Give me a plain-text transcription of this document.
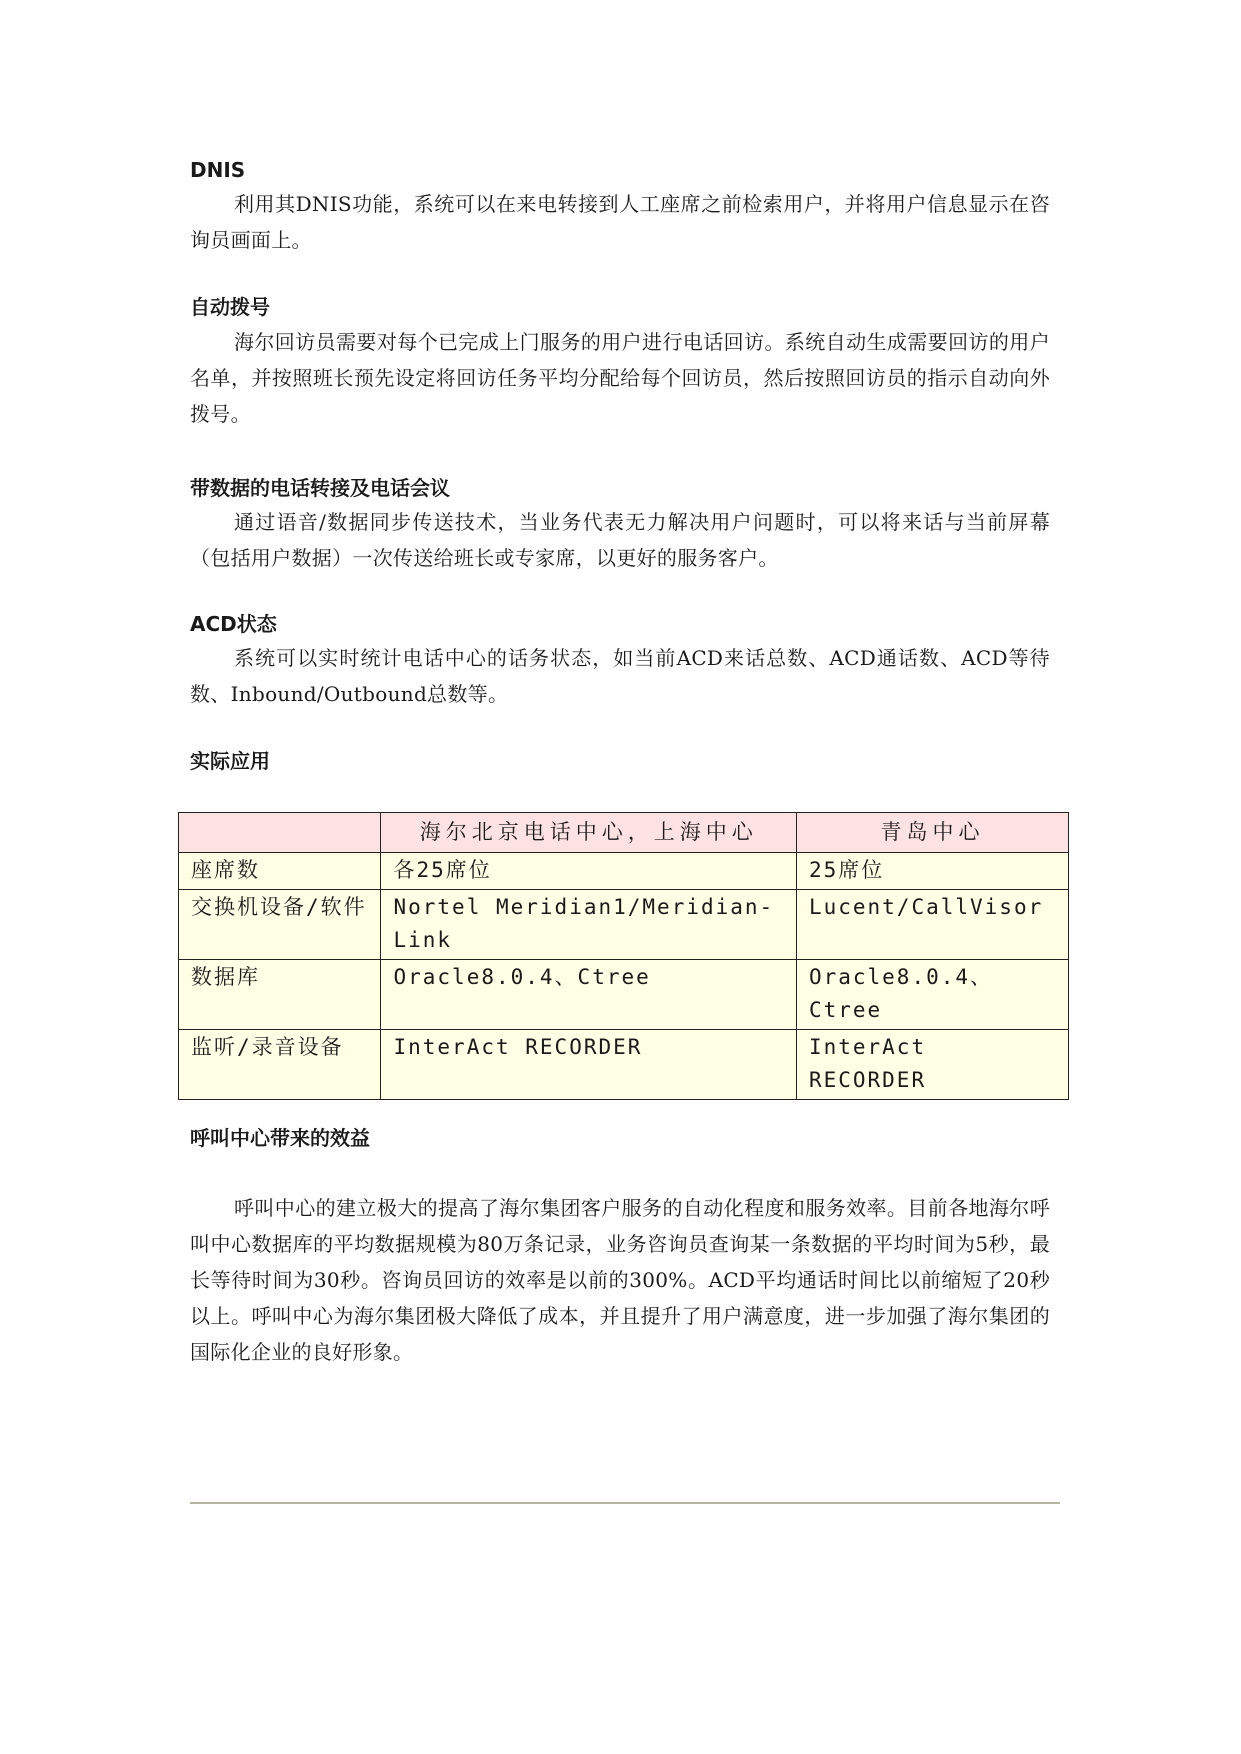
DNIS

利用其DNIS功能，系统可以在来电转接到人工座席之前检索用户，并将用户信息显示在咨询员画面上。

自动拨号

海尔回访员需要对每个已完成上门服务的用户进行电话回访。系统自动生成需要回访的用户名单，并按照班长预先设定将回访任务平均分配给每个回访员，然后按照回访员的指示自动向外拨号。

带数据的电话转接及电话会议

通过语音/数据同步传送技术，当业务代表无力解决用户问题时，可以将来话与当前屏幕（包括用户数据）一次传送给班长或专家席，以更好的服务客户。

ACD状态

系统可以实时统计电话中心的话务状态，如当前ACD来话总数、ACD通话数、ACD等待数、Inbound/Outbound总数等。

实际应用
	海尔北京电话中心，上海中心	青岛中心
座席数	各25席位	25席位
交换机设备/软件	Nortel Meridian1/Meridian-Link	Lucent/CallVisor
数据库	Oracle8.0.4、Ctree	Oracle8.0.4、Ctree
监听/录音设备	InterAct RECORDER	InterAct RECORDER
呼叫中心带来的效益

呼叫中心的建立极大的提高了海尔集团客户服务的自动化程度和服务效率。目前各地海尔呼叫中心数据库的平均数据规模为80万条记录，业务咨询员查询某一条数据的平均时间为5秒，最长等待时间为30秒。咨询员回访的效率是以前的300%。ACD平均通话时间比以前缩短了20秒以上。呼叫中心为海尔集团极大降低了成本，并且提升了用户满意度，进一步加强了海尔集团的国际化企业的良好形象。
